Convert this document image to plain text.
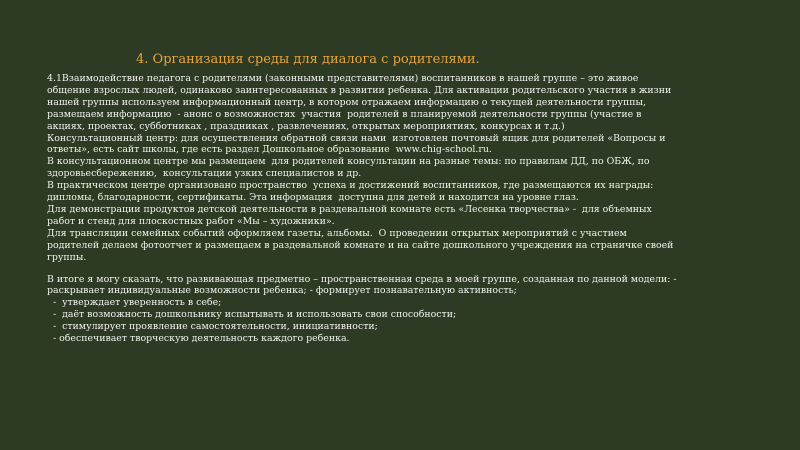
4. Организация среды для диалога с родителями.

4.1Взаимодействие педагога с родителями (законными представителями) воспитанников в нашей группе – это живое

общение взрослых людей, одинаково заинтересованных в развитии ребенка. Для активации родительского участия в жизни

нашей группы используем информационный центр, в котором отражаем информацию о текущей деятельности группы,

размещаем информацию  - анонс о возможностях  участия  родителей в планируемой деятельности группы (участие в

акциях, проектах, субботниках , праздниках , развлечениях, открытых мероприятиях, конкурсах и т.д.)

Консультационный центр: для осуществления обратной связи нами  изготовлен почтовый ящик для родителей «Вопросы и

ответы», есть сайт школы, где есть раздел Дошкольное образование  www.chig-school.ru.

В консультационном центре мы размещаем  для родителей консультации на разные темы: по правилам ДД, по ОБЖ, по

здоровьесбережению,  консультации узких специалистов и др.

В практическом центре организовано пространство  успеха и достижений воспитанников, где размещаются их награды:

дипломы, благодарности, сертификаты. Эта информация  доступна для детей и находится на уровне глаз.

Для демонстрации продуктов детской деятельности в раздевальной комнате есть «Лесенка творчества» -  для объемных

работ и стенд для плоскостных работ «Мы – художники».

Для трансляции семейных событий оформляем газеты, альбомы.  О проведении открытых мероприятий с участием

родителей делаем фотоотчет и размещаем в раздевальной комнате и на сайте дошкольного учреждения на страничке своей

группы.

В итоге я могу сказать, что развивающая предметно – пространственная среда в моей группе, созданная по данной модели: -

раскрывает индивидуальные возможности ребенка; - формирует познавательную активность;

-  утверждает уверенность в себе;

-  даёт возможность дошкольнику испытывать и использовать свои способности;

-  стимулирует проявление самостоятельности, инициативности;

- обеспечивает творческую деятельность каждого ребенка.
